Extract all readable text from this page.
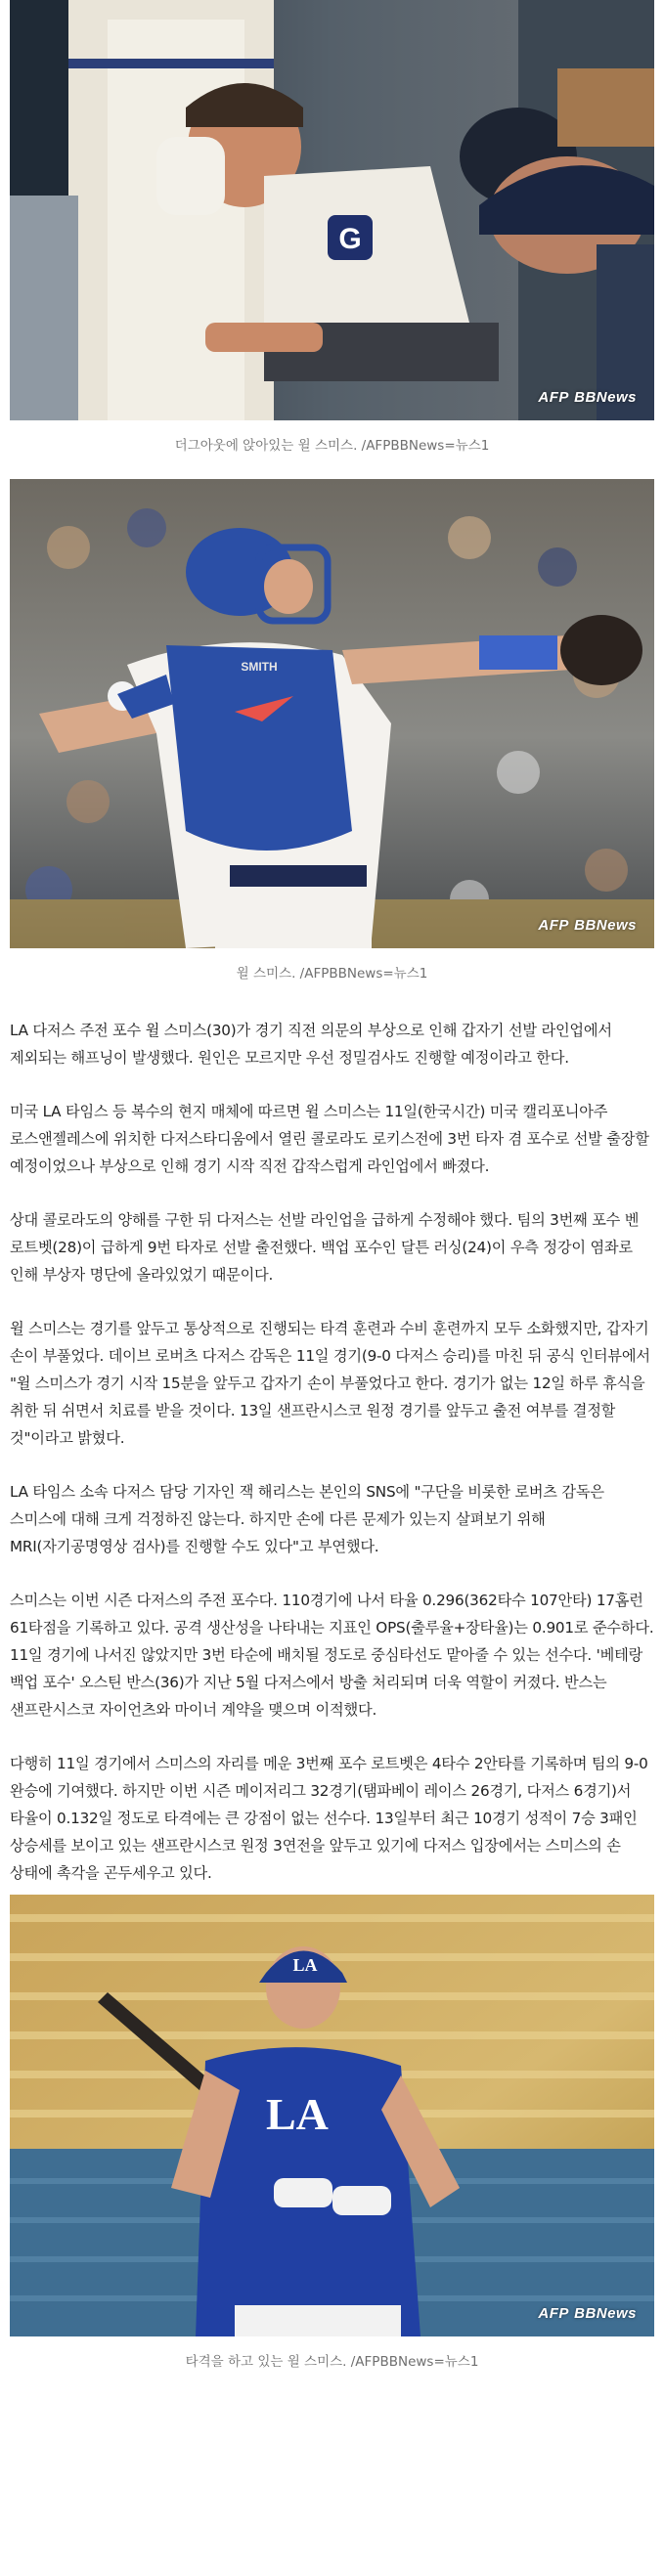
G
AFP BBNews

더그아웃에 앉아있는 윌 스미스. /AFPBBNews=뉴스1

SMITH
AFP BBNews

윌 스미스. /AFPBBNews=뉴스1

LA 다저스 주전 포수 윌 스미스(30)가 경기 직전 의문의 부상으로 인해 갑자기 선발 라인업에서 제외되는 해프닝이 발생했다. 원인은 모르지만 우선 정밀검사도 진행할 예정이라고 한다.

미국 LA 타임스 등 복수의 현지 매체에 따르면 윌 스미스는 11일(한국시간) 미국 캘리포니아주 로스앤젤레스에 위치한 다저스타디움에서 열린 콜로라도 로키스전에 3번 타자 겸 포수로 선발 출장할 예정이었으나 부상으로 인해 경기 시작 직전 갑작스럽게 라인업에서 빠졌다.

상대 콜로라도의 양해를 구한 뒤 다저스는 선발 라인업을 급하게 수정해야 했다. 팀의 3번째 포수 벤 로트벳(28)이 급하게 9번 타자로 선발 출전했다. 백업 포수인 달튼 러싱(24)이 우측 정강이 염좌로 인해 부상자 명단에 올라있었기 때문이다.

윌 스미스는 경기를 앞두고 통상적으로 진행되는 타격 훈련과 수비 훈련까지 모두 소화했지만, 갑자기 손이 부풀었다. 데이브 로버츠 다저스 감독은 11일 경기(9-0 다저스 승리)를 마친 뒤 공식 인터뷰에서 "윌 스미스가 경기 시작 15분을 앞두고 갑자기 손이 부풀었다고 한다. 경기가 없는 12일 하루 휴식을 취한 뒤 쉬면서 치료를 받을 것이다. 13일 샌프란시스코 원정 경기를 앞두고 출전 여부를 결정할 것"이라고 밝혔다.

LA 타임스 소속 다저스 담당 기자인 잭 해리스는 본인의 SNS에 "구단을 비롯한 로버츠 감독은 스미스에 대해 크게 걱정하진 않는다. 하지만 손에 다른 문제가 있는지 살펴보기 위해 MRI(자기공명영상 검사)를 진행할 수도 있다"고 부연했다.

스미스는 이번 시즌 다저스의 주전 포수다. 110경기에 나서 타율 0.296(362타수 107안타) 17홈런 61타점을 기록하고 있다. 공격 생산성을 나타내는 지표인 OPS(출루율+장타율)는 0.901로 준수하다. 11일 경기에 나서진 않았지만 3번 타순에 배치될 정도로 중심타선도 맡아줄 수 있는 선수다. '베테랑 백업 포수' 오스틴 반스(36)가 지난 5월 다저스에서 방출 처리되며 더욱 역할이 커졌다. 반스는 샌프란시스코 자이언츠와 마이너 계약을 맺으며 이적했다.

다행히 11일 경기에서 스미스의 자리를 메운 3번째 포수 로트벳은 4타수 2안타를 기록하며 팀의 9-0 완승에 기여했다. 하지만 이번 시즌 메이저리그 32경기(탬파베이 레이스 26경기, 다저스 6경기)서 타율이 0.132일 정도로 타격에는 큰 강점이 없는 선수다. 13일부터 최근 10경기 성적이 7승 3패인 상승세를 보이고 있는 샌프란시스코 원정 3연전을 앞두고 있기에 다저스 입장에서는 스미스의 손 상태에 촉각을 곤두세우고 있다.

LA
LA
AFP BBNews

타격을 하고 있는 윌 스미스. /AFPBBNews=뉴스1
